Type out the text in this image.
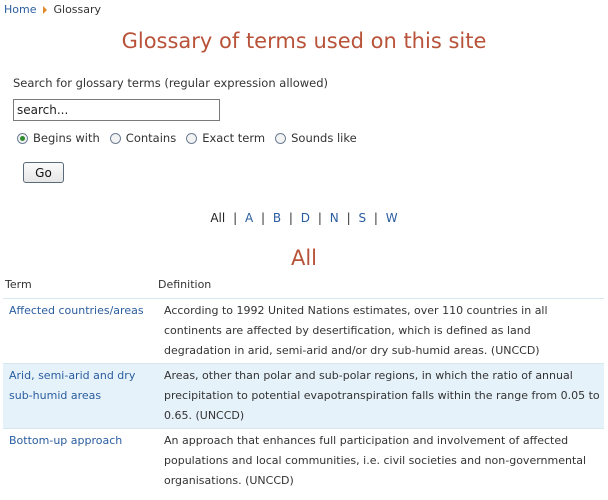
Home Glossary
Glossary of terms used on this site
Search for glossary terms (regular expression allowed)
search...
Begins with Contains Exact term Sounds like
Go
All | A | B | D | N | S | W
All
Term	Definition
Affected countries/areas	According to 1992 United Nations estimates, over 110 countries in all continents are affected by desertification, which is defined as land degradation in arid, semi-arid and/or dry sub-humid areas. (UNCCD)
Arid, semi-arid and dry sub-humid areas	Areas, other than polar and sub-polar regions, in which the ratio of annual precipitation to potential evapotranspiration falls within the range from 0.05 to 0.65. (UNCCD)
Bottom-up approach	An approach that enhances full participation and involvement of affected populations and local communities, i.e. civil societies and non-governmental organisations. (UNCCD)
